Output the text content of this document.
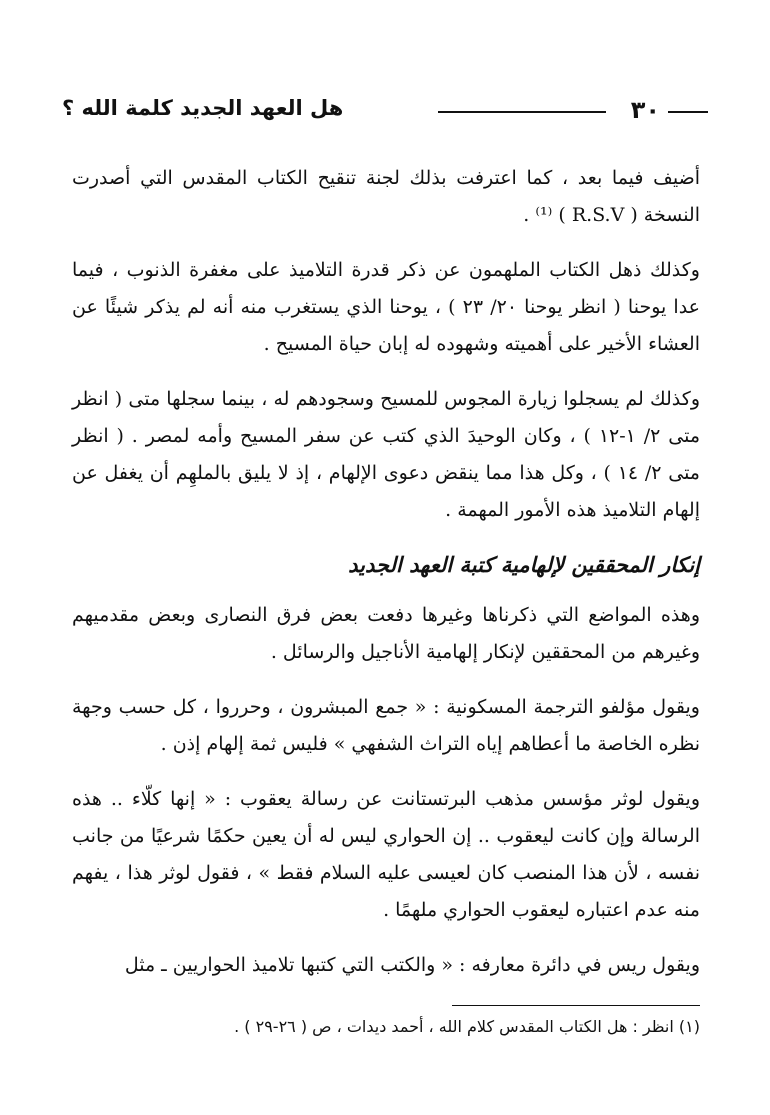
٣٠
هل العهد الجديد كلمة الله ؟

أضيف فيما بعد ، كما اعترفت بذلك لجنة تنقيح الكتاب المقدس التي أصدرت النسخة ( R.S.V ) ⁽¹⁾ .

وكذلك ذهل الكتاب الملهمون عن ذكر قدرة التلاميذ على مغفرة الذنوب ، فيما عدا يوحنا ( انظر يوحنا ٢٠/ ٢٣ ) ، يوحنا الذي يستغرب منه أنه لم يذكر شيئًا عن العشاء الأخير على أهميته وشهوده له إبان حياة المسيح .

وكذلك لم يسجلوا زيارة المجوس للمسيح وسجودهم له ، بينما سجلها متى ( انظر متى ٢/ ١-١٢ ) ، وكان الوحيدَ الذي كتب عن سفر المسيح وأمه لمصر . ( انظر متى ٢/ ١٤ ) ، وكل هذا مما ينقض دعوى الإلهام ، إذ لا يليق بالملهِم أن يغفل عن إلهام التلاميذ هذه الأمور المهمة .

إنكار المحققين لإلهامية كتبة العهد الجديد

وهذه المواضع التي ذكرناها وغيرها دفعت بعض فرق النصارى وبعض مقدميهم وغيرهم من المحققين لإنكار إلهامية الأناجيل والرسائل .

ويقول مؤلفو الترجمة المسكونية : « جمع المبشرون ، وحرروا ، كل حسب وجهة نظره الخاصة ما أعطاهم إياه التراث الشفهي » فليس ثمة إلهام إذن .

ويقول لوثر مؤسس مذهب البرتستانت عن رسالة يعقوب : « إنها كلّاء .. هذه الرسالة وإن كانت ليعقوب .. إن الحواري ليس له أن يعين حكمًا شرعيًا من جانب نفسه ، لأن هذا المنصب كان لعيسى عليه السلام فقط » ، فقول لوثر هذا ، يفهم منه عدم اعتباره ليعقوب الحواري ملهمًا .

ويقول ريس في دائرة معارفه : « والكتب التي كتبها تلاميذ الحواريين ـ مثل

(١) انظر : هل الكتاب المقدس كلام الله ، أحمد ديدات ، ص ( ٢٦-٢٩ ) .
